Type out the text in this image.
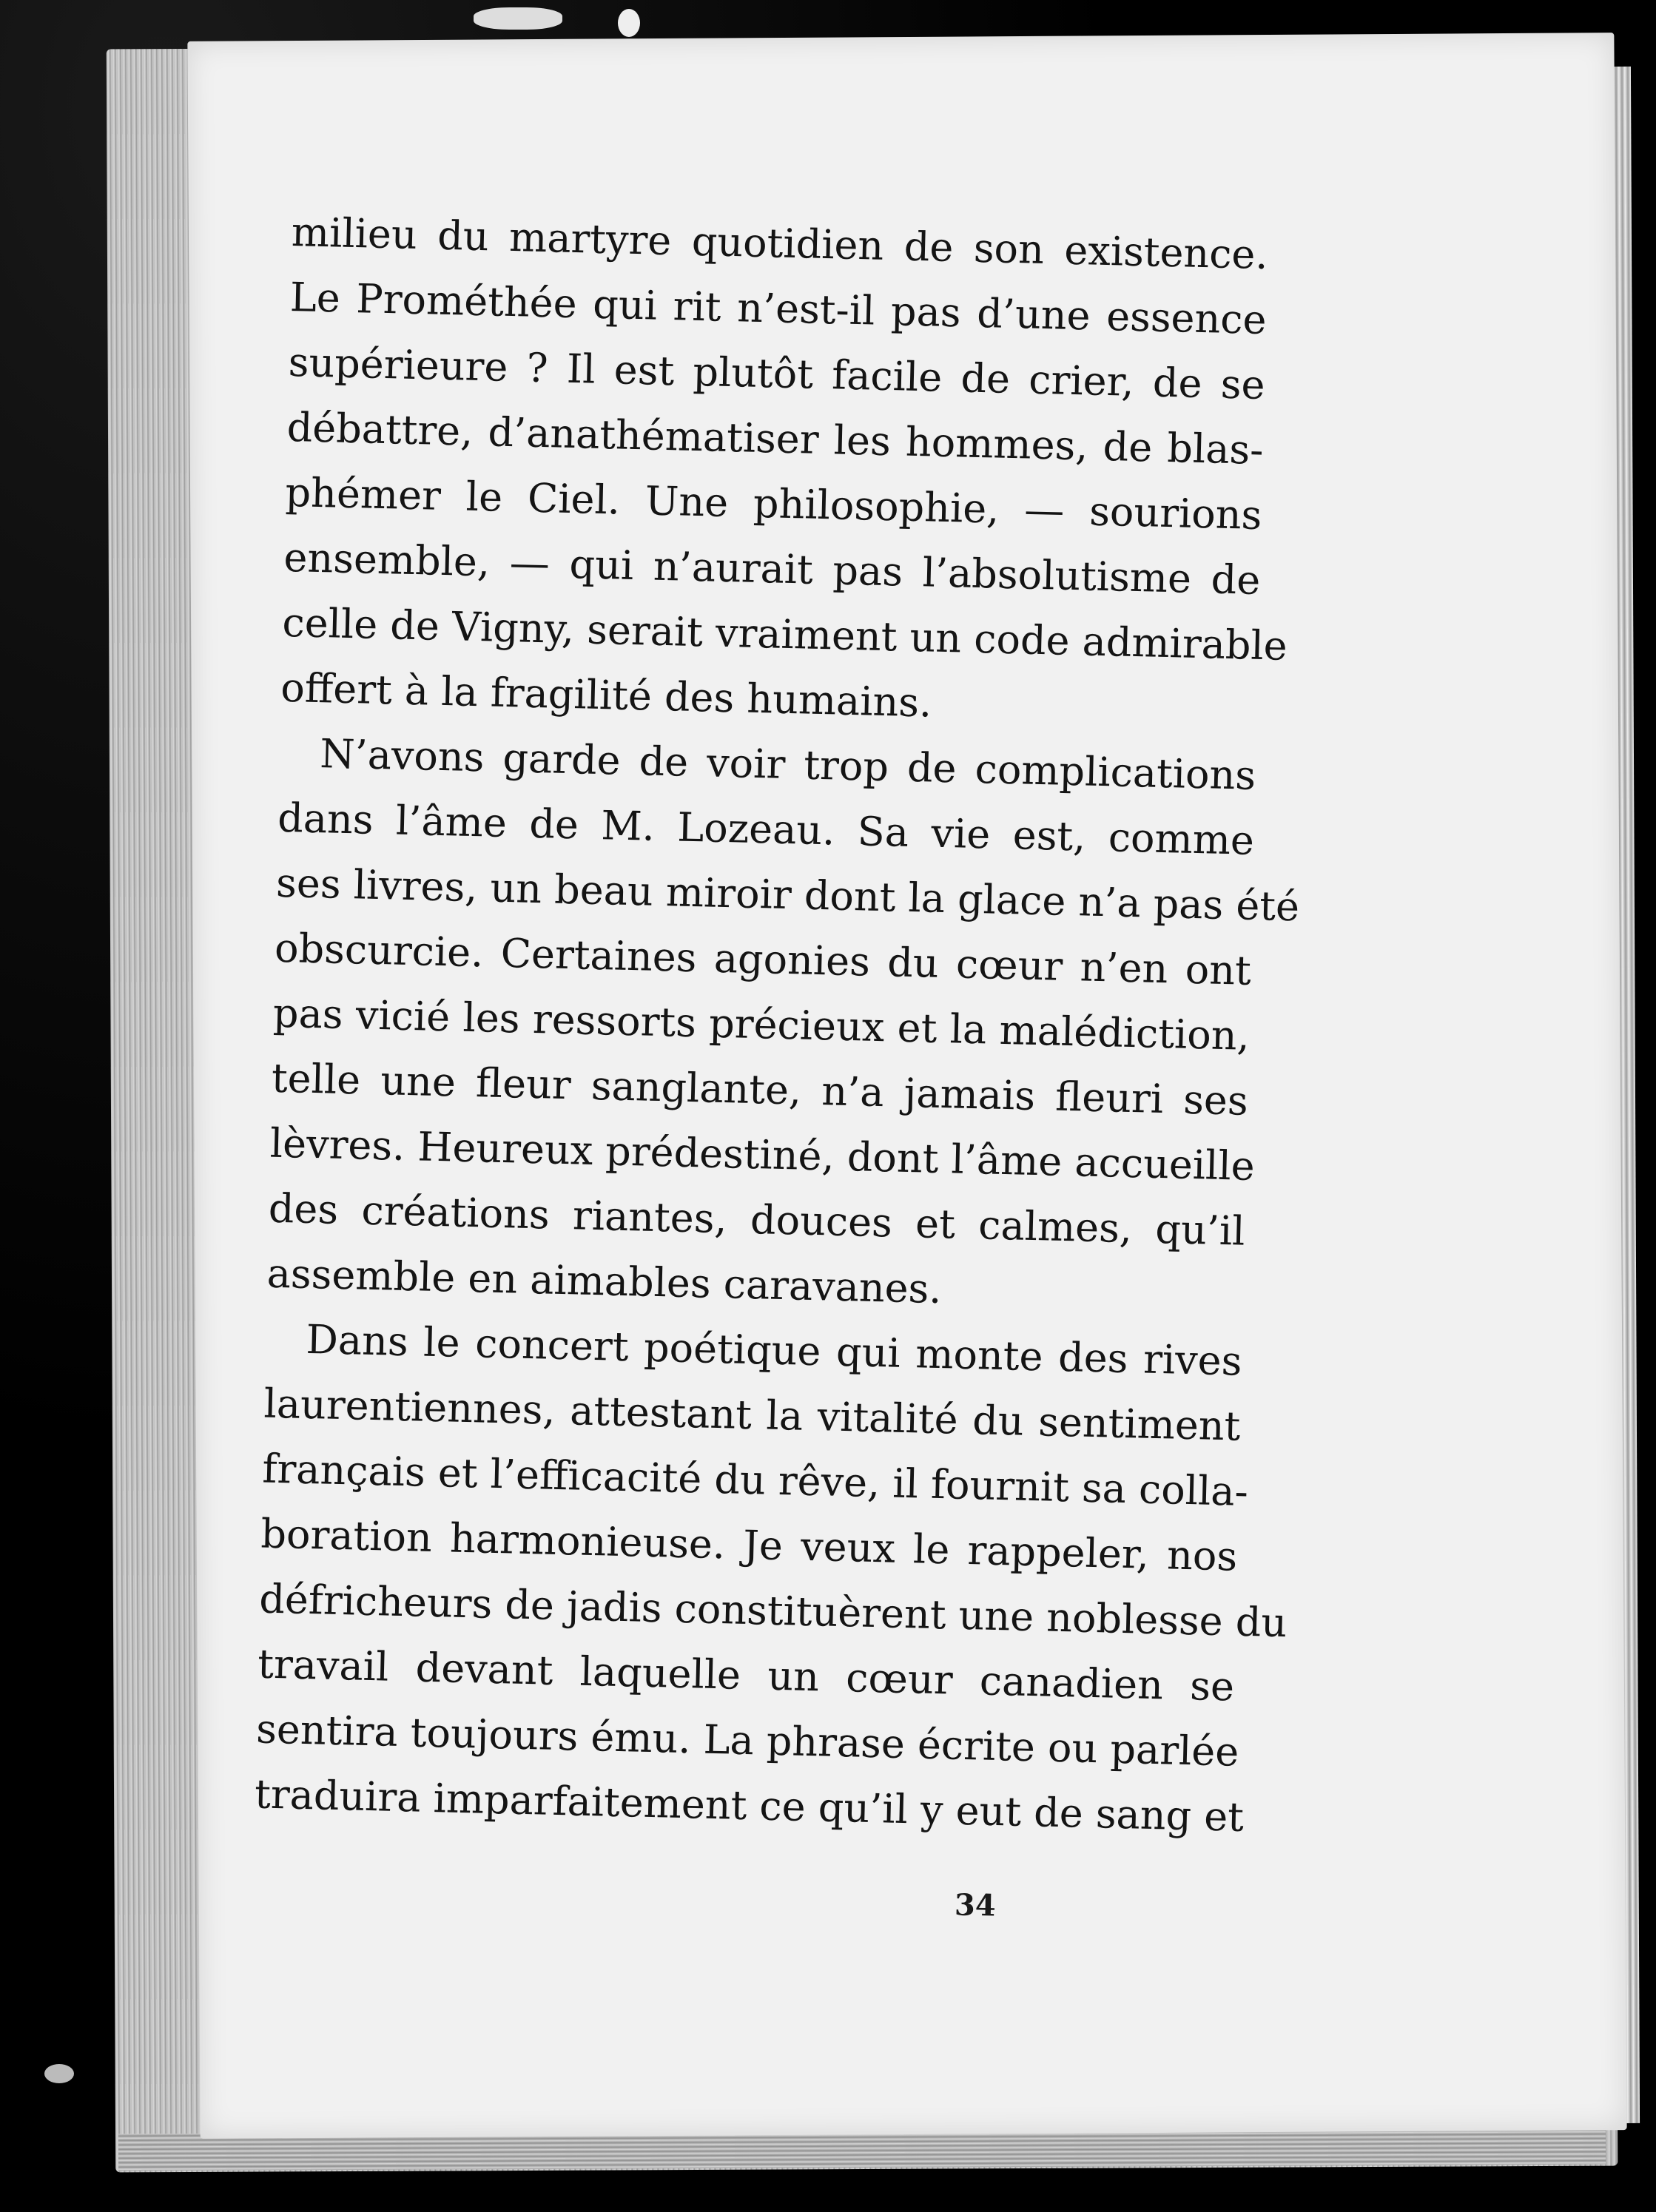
milieu du martyre quotidien de son existence.
Le Prométhée qui rit n’est-il pas d’une essence
supérieure ? Il est plutôt facile de crier, de se
débattre, d’anathématiser les hommes, de blas-
phémer le Ciel. Une philosophie, — sourions
ensemble, — qui n’aurait pas l’absolutisme de
celle de Vigny, serait vraiment un code admirable
offert à la fragilité des humains.
N’avons garde de voir trop de complications
dans l’âme de M. Lozeau. Sa vie est, comme
ses livres, un beau miroir dont la glace n’a pas été
obscurcie. Certaines agonies du cœur n’en ont
pas vicié les ressorts précieux et la malédiction,
telle une fleur sanglante, n’a jamais fleuri ses
lèvres. Heureux prédestiné, dont l’âme accueille
des créations riantes, douces et calmes, qu’il
assemble en aimables caravanes.
Dans le concert poétique qui monte des rives
laurentiennes, attestant la vitalité du sentiment
français et l’efficacité du rêve, il fournit sa colla-
boration harmonieuse. Je veux le rappeler, nos
défricheurs de jadis constituèrent une noblesse du
travail devant laquelle un cœur canadien se
sentira toujours ému. La phrase écrite ou parlée
traduira imparfaitement ce qu’il y eut de sang et
34
